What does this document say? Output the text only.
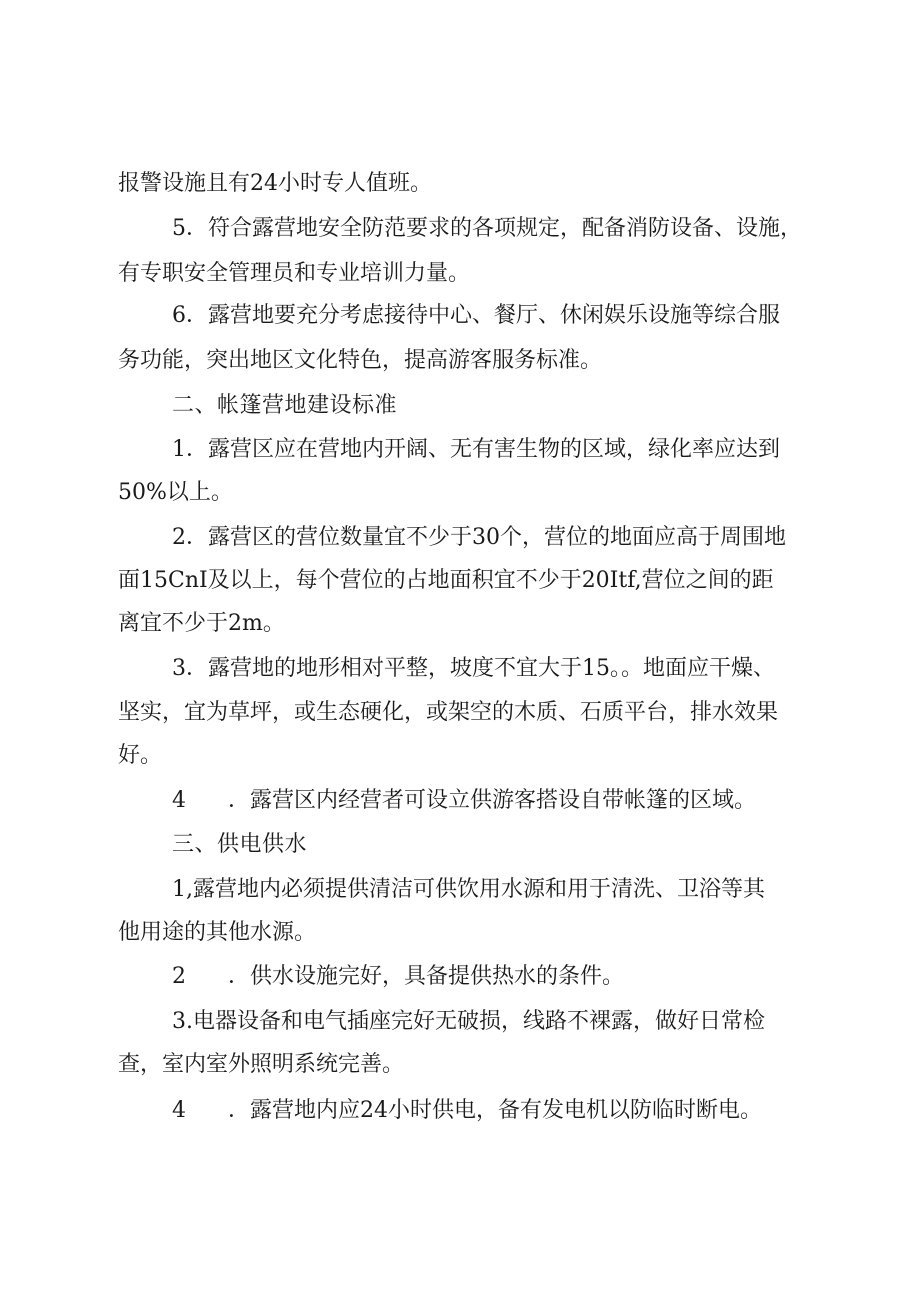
报警设施且有24小时专人值班。
5．符合露营地安全防范要求的各项规定，配备消防设备、设施，
有专职安全管理员和专业培训力量。
6．露营地要充分考虑接待中心、餐厅、休闲娱乐设施等综合服
务功能，突出地区文化特色，提高游客服务标准。
二、帐篷营地建设标准
1．露营区应在营地内开阔、无有害生物的区域，绿化率应达到
50%以上。
2．露营区的营位数量宜不少于30个，营位的地面应高于周围地
面15CnI及以上，每个营位的占地面积宜不少于20Itf,营位之间的距
离宜不少于2m。
3．露营地的地形相对平整，坡度不宜大于15。。地面应干燥、
坚实，宜为草坪，或生态硬化，或架空的木质、石质平台，排水效果
好。
4 ．露营区内经营者可设立供游客搭设自带帐篷的区域。
三、供电供水
1,露营地内必须提供清洁可供饮用水源和用于清洗、卫浴等其
他用途的其他水源。
2 ．供水设施完好，具备提供热水的条件。
3.电器设备和电气插座完好无破损，线路不裸露，做好日常检
查，室内室外照明系统完善。
4 ．露营地内应24小时供电，备有发电机以防临时断电。
